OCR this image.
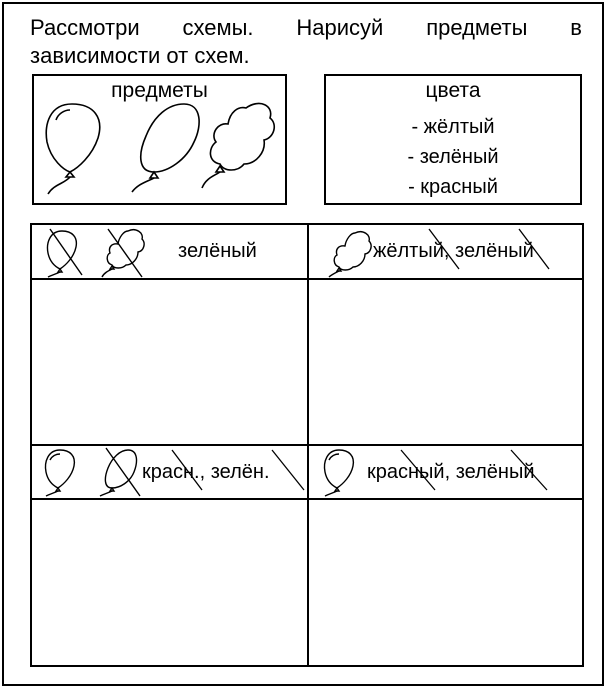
Рассмотри схемы. Нарисуй предметы в
зависимости от схем.
предметы	цвета
- жёлтый
- зелёный
- красный
зелёный	жёлтый, зелёный
красн., зелён.	красный, зелёный
